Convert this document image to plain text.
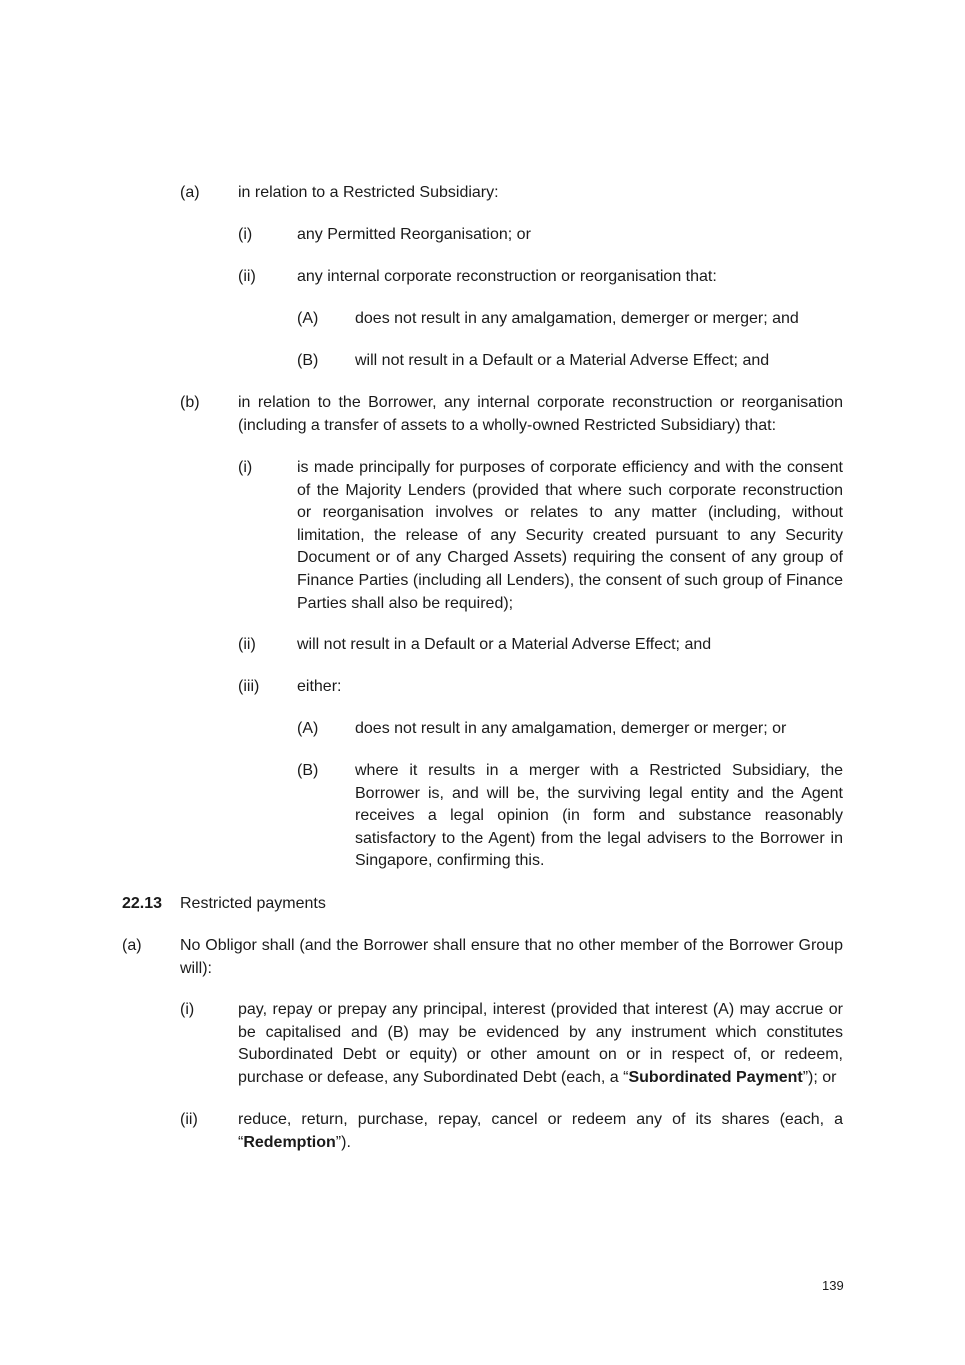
(a) in relation to a Restricted Subsidiary:
(i)	any Permitted Reorganisation; or
(ii)	any internal corporate reconstruction or reorganisation that:
(A) does not result in any amalgamation, demerger or merger; and
(B) will not result in a Default or a Material Adverse Effect; and
(b) in relation to the Borrower, any internal corporate reconstruction or reorganisation (including a transfer of assets to a wholly-owned Restricted Subsidiary) that:
(i)	is made principally for purposes of corporate efficiency and with the consent of the Majority Lenders (provided that where such corporate reconstruction or reorganisation involves or relates to any matter (including, without limitation, the release of any Security created pursuant to any Security Document or of any Charged Assets) requiring the consent of any group of Finance Parties (including all Lenders), the consent of such group of Finance Parties shall also be required);
(ii)	will not result in a Default or a Material Adverse Effect; and
(iii) either:
(A) does not result in any amalgamation, demerger or merger; or
(B) where it results in a merger with a Restricted Subsidiary, the Borrower is, and will be, the surviving legal entity and the Agent receives a legal opinion (in form and substance reasonably satisfactory to the Agent) from the legal advisers to the Borrower in Singapore, confirming this.
22.13 Restricted payments
(a) No Obligor shall (and the Borrower shall ensure that no other member of the Borrower Group will):
(i)	pay, repay or prepay any principal, interest (provided that interest (A) may accrue or be capitalised and (B) may be evidenced by any instrument which constitutes Subordinated Debt or equity) or other amount on or in respect of, or redeem, purchase or defease, any Subordinated Debt (each, a “Subordinated Payment”); or
(ii)	reduce, return, purchase, repay, cancel or redeem any of its shares (each, a “Redemption”).
139
